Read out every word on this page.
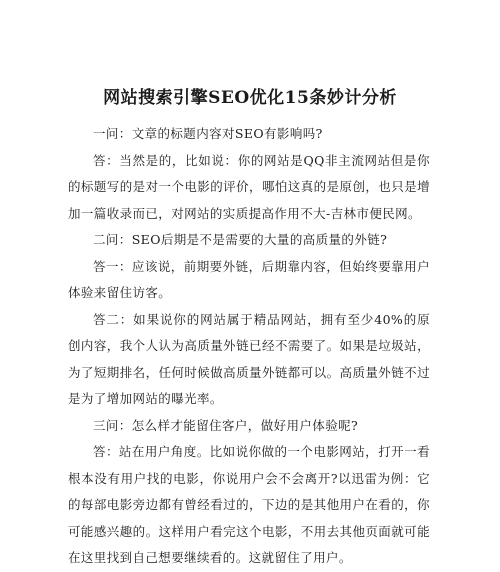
网站搜索引擎SEO优化15条妙计分析

一问：文章的标题内容对SEO有影响吗?

答：当然是的，比如说：你的网站是QQ非主流网站但是你的标题写的是对一个电影的评价，哪怕这真的是原创，也只是增加一篇收录而已，对网站的实质提高作用不大-吉林市便民网。

二问：SEO后期是不是需要的大量的高质量的外链?

答一：应该说，前期要外链，后期靠内容，但始终要靠用户体验来留住访客。

答二：如果说你的网站属于精品网站，拥有至少40%的原创内容，我个人认为高质量外链已经不需要了。如果是垃圾站，为了短期排名，任何时候做高质量外链都可以。高质量外链不过是为了增加网站的曝光率。

三问：怎么样才能留住客户，做好用户体验呢?

答：站在用户角度。比如说你做的一个电影网站，打开一看根本没有用户找的电影，你说用户会不会离开?以迅雷为例：它的每部电影旁边都有曾经看过的，下边的是其他用户在看的，你可能感兴趣的。这样用户看完这个电影，不用去其他页面就可能在这里找到自己想要继续看的。这就留住了用户。
